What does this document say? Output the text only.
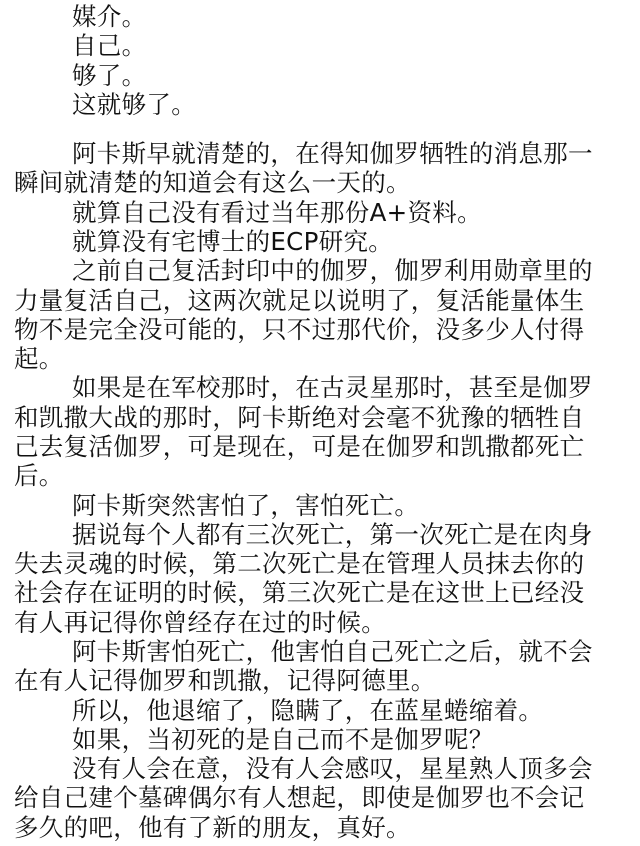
媒介。
自己。
够了。
这就够了。
阿卡斯早就清楚的，在得知伽罗牺牲的消息那一
瞬间就清楚的知道会有这么一天的。
就算自己没有看过当年那份A+资料。
就算没有宅博士的ECP研究。
之前自己复活封印中的伽罗，伽罗利用勋章里的
力量复活自己，这两次就足以说明了，复活能量体生
物不是完全没可能的，只不过那代价，没多少人付得
起。
如果是在军校那时，在古灵星那时，甚至是伽罗
和凯撒大战的那时，阿卡斯绝对会毫不犹豫的牺牲自
己去复活伽罗，可是现在，可是在伽罗和凯撒都死亡
后。
阿卡斯突然害怕了，害怕死亡。
据说每个人都有三次死亡，第一次死亡是在肉身
失去灵魂的时候，第二次死亡是在管理人员抹去你的
社会存在证明的时候，第三次死亡是在这世上已经没
有人再记得你曾经存在过的时候。
阿卡斯害怕死亡，他害怕自己死亡之后，就不会
在有人记得伽罗和凯撒，记得阿德里。
所以，他退缩了，隐瞒了，在蓝星蜷缩着。
如果，当初死的是自己而不是伽罗呢？
没有人会在意，没有人会感叹，星星熟人顶多会
给自己建个墓碑偶尔有人想起，即使是伽罗也不会记
多久的吧，他有了新的朋友，真好。
